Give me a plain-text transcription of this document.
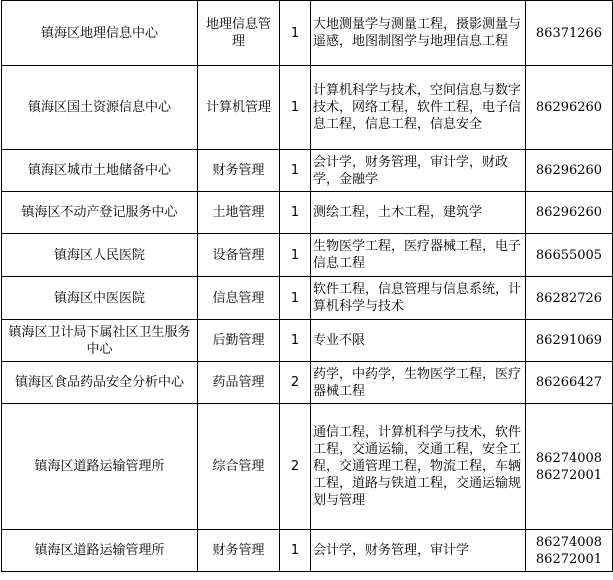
镇海区地理信息中心	地理信息管理	1	大地测量学与测量工程，摄影测量与遥感，地图制图学与地理信息工程	86371266

镇海区国土资源信息中心	计算机管理	1	计算机科学与技术，空间信息与数字技术，网络工程，软件工程，电子信息工程，信息工程，信息安全	86296260

镇海区城市土地储备中心	财务管理	1	会计学，财务管理，审计学，财政学，金融学	86296260

镇海区不动产登记服务中心	土地管理	1	测绘工程，土木工程，建筑学	86296260

镇海区人民医院	设备管理	1	生物医学工程，医疗器械工程，电子信息工程	86655005

镇海区中医医院	信息管理	1	软件工程，信息管理与信息系统，计算机科学与技术	86282726

镇海区卫计局下属社区卫生服务中心	后勤管理	1	专业不限	86291069

镇海区食品药品安全分析中心	药品管理	2	药学，中药学，生物医学工程，医疗器械工程	86266427

镇海区道路运输管理所	综合管理	2	通信工程，计算机科学与技术，软件工程，交通运输，交通工程，安全工程，交通管理工程，物流工程，车辆工程，道路与铁道工程，交通运输规划与管理	86274008
86272001

镇海区道路运输管理所	财务管理	1	会计学，财务管理，审计学	86274008
86272001
